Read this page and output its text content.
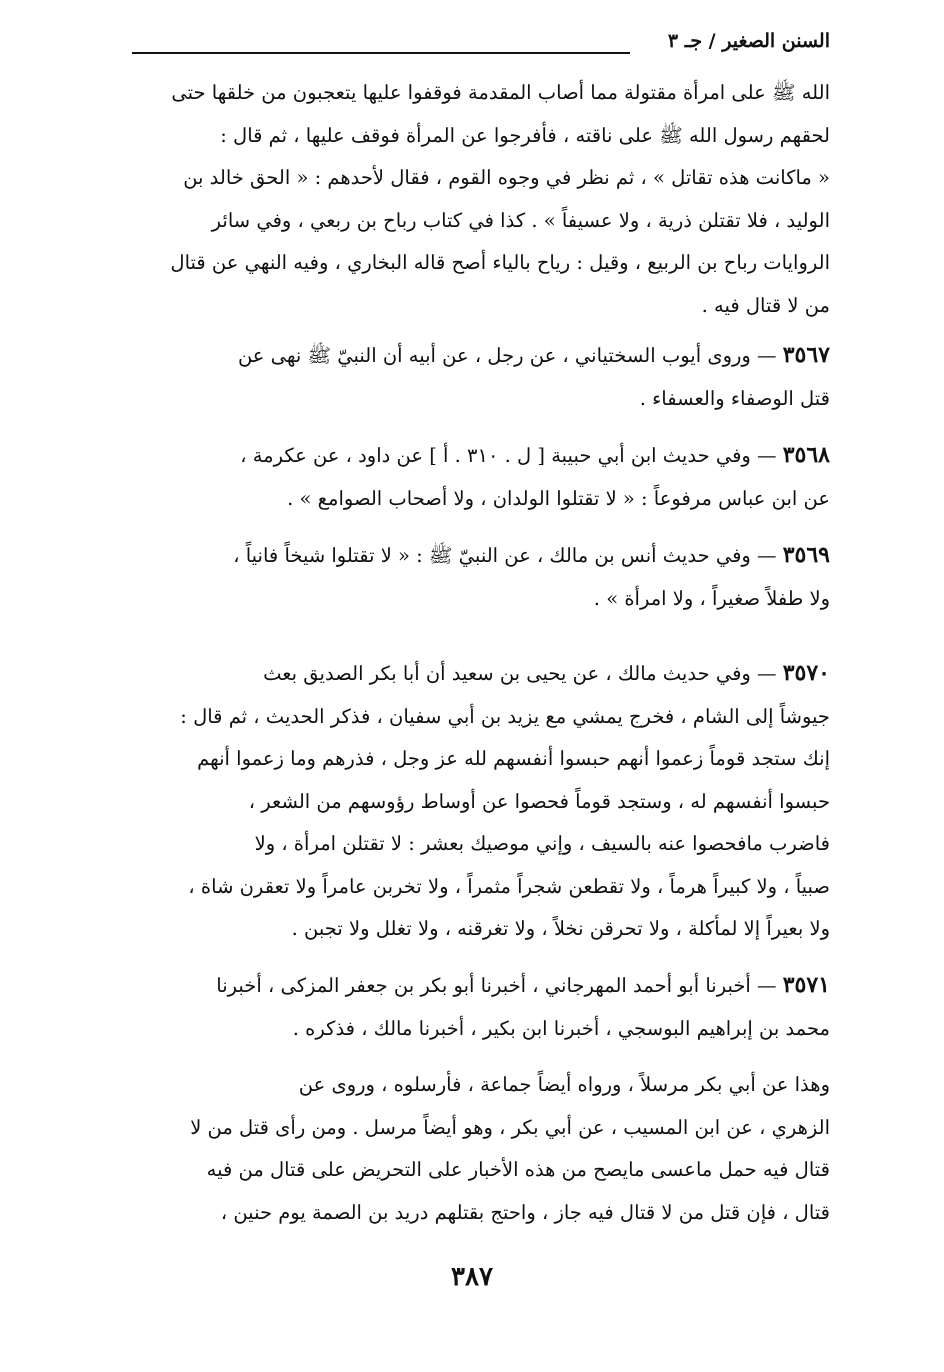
السنن الصغير / جـ ٣
الله ﷺ على امرأة مقتولة مما أصاب المقدمة فوقفوا عليها يتعجبون من خلقها حتى
لحقهم رسول الله ﷺ على ناقته ، فأفرجوا عن المرأة فوقف عليها ، ثم قال :
« ماكانت هذه تقاتل » ، ثم نظر في وجوه القوم ، فقال لأحدهم : « الحق خالد بن
الوليد ، فلا تقتلن ذرية ، ولا عسيفاً » . كذا في كتاب رباح بن ربعي ، وفي سائر
الروايات رباح بن الربيع ، وقيل : رياح بالياء أصح قاله البخاري ، وفيه النهي عن قتال
من لا قتال فيه .
٣٥٦٧ — وروى أيوب السختياني ، عن رجل ، عن أبيه أن النبيّ ﷺ نهى عن
قتل الوصفاء والعسفاء .
٣٥٦٨ — وفي حديث ابن أبي حبيبة [ ل . ٣١٠ . أ ] عن داود ، عن عكرمة ،
عن ابن عباس مرفوعاً : « لا تقتلوا الولدان ، ولا أصحاب الصوامع » .
٣٥٦٩ — وفي حديث أنس بن مالك ، عن النبيّ ﷺ : « لا تقتلوا شيخاً فانياً ،
ولا طفلاً صغيراً ، ولا امرأة » .
٣٥٧٠ — وفي حديث مالك ، عن يحيى بن سعيد أن أبا بكر الصديق بعث
جيوشاً إلى الشام ، فخرج يمشي مع يزيد بن أبي سفيان ، فذكر الحديث ، ثم قال :
إنك ستجد قوماً زعموا أنهم حبسوا أنفسهم لله عز وجل ، فذرهم وما زعموا أنهم
حبسوا أنفسهم له ، وستجد قوماً فحصوا عن أوساط رؤوسهم من الشعر ،
فاضرب مافحصوا عنه بالسيف ، وإني موصيك بعشر : لا تقتلن امرأة ، ولا
صبياً ، ولا كبيراً هرماً ، ولا تقطعن شجراً مثمراً ، ولا تخربن عامراً ولا تعقرن شاة ،
ولا بعيراً إلا لمأكلة ، ولا تحرقن نخلاً ، ولا تغرقنه ، ولا تغلل ولا تجبن .
٣٥٧١ — أخبرنا أبو أحمد المهرجاني ، أخبرنا أبو بكر بن جعفر المزكى ، أخبرنا
محمد بن إبراهيم البوسجي ، أخبرنا ابن بكير ، أخبرنا مالك ، فذكره .
وهذا عن أبي بكر مرسلاً ، ورواه أيضاً جماعة ، فأرسلوه ، وروى عن
الزهري ، عن ابن المسيب ، عن أبي بكر ، وهو أيضاً مرسل . ومن رأى قتل من لا
قتال فيه حمل ماعسى مايصح من هذه الأخبار على التحريض على قتال من فيه
قتال ، فإن قتل من لا قتال فيه جاز ، واحتج بقتلهم دريد بن الصمة يوم حنين ،
٣٨٧
